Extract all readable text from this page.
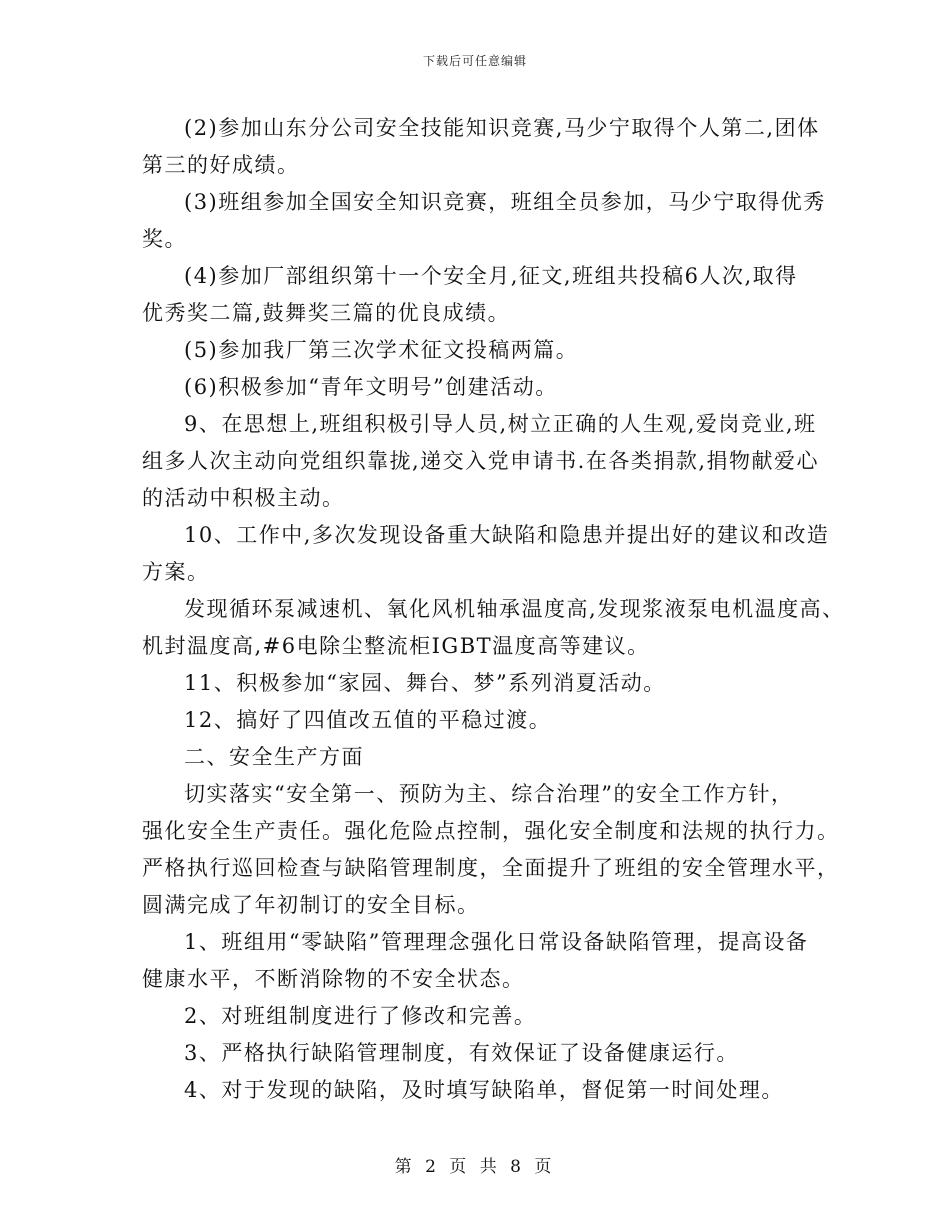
下载后可任意编辑

(2)参加山东分公司安全技能知识竞赛,马少宁取得个人第二,团体
第三的好成绩。

(3)班组参加全国安全知识竞赛，班组全员参加，马少宁取得优秀
奖。

(4)参加厂部组织第十一个安全月,征文,班组共投稿6人次,取得
优秀奖二篇,鼓舞奖三篇的优良成绩。

(5)参加我厂第三次学术征文投稿两篇。

(6)积极参加“青年文明号”创建活动。

9、在思想上,班组积极引导人员,树立正确的人生观,爱岗竞业,班
组多人次主动向党组织靠拢,递交入党申请书.在各类捐款,捐物献爱心
的活动中积极主动。

10、工作中,多次发现设备重大缺陷和隐患并提出好的建议和改造
方案。

发现循环泵减速机、氧化风机轴承温度高,发现浆液泵电机温度高、
机封温度高,#6电除尘整流柜IGBT温度高等建议。

11、积极参加“家园、舞台、梦”系列消夏活动。

12、搞好了四值改五值的平稳过渡。

二、安全生产方面

切实落实“安全第一、预防为主、综合治理”的安全工作方针，
强化安全生产责任。强化危险点控制，强化安全制度和法规的执行力。
严格执行巡回检查与缺陷管理制度，全面提升了班组的安全管理水平，
圆满完成了年初制订的安全目标。

1、班组用“零缺陷”管理理念强化日常设备缺陷管理，提高设备
健康水平，不断消除物的不安全状态。

2、对班组制度进行了修改和完善。

3、严格执行缺陷管理制度，有效保证了设备健康运行。

4、对于发现的缺陷，及时填写缺陷单，督促第一时间处理。

第 2 页 共 8 页
